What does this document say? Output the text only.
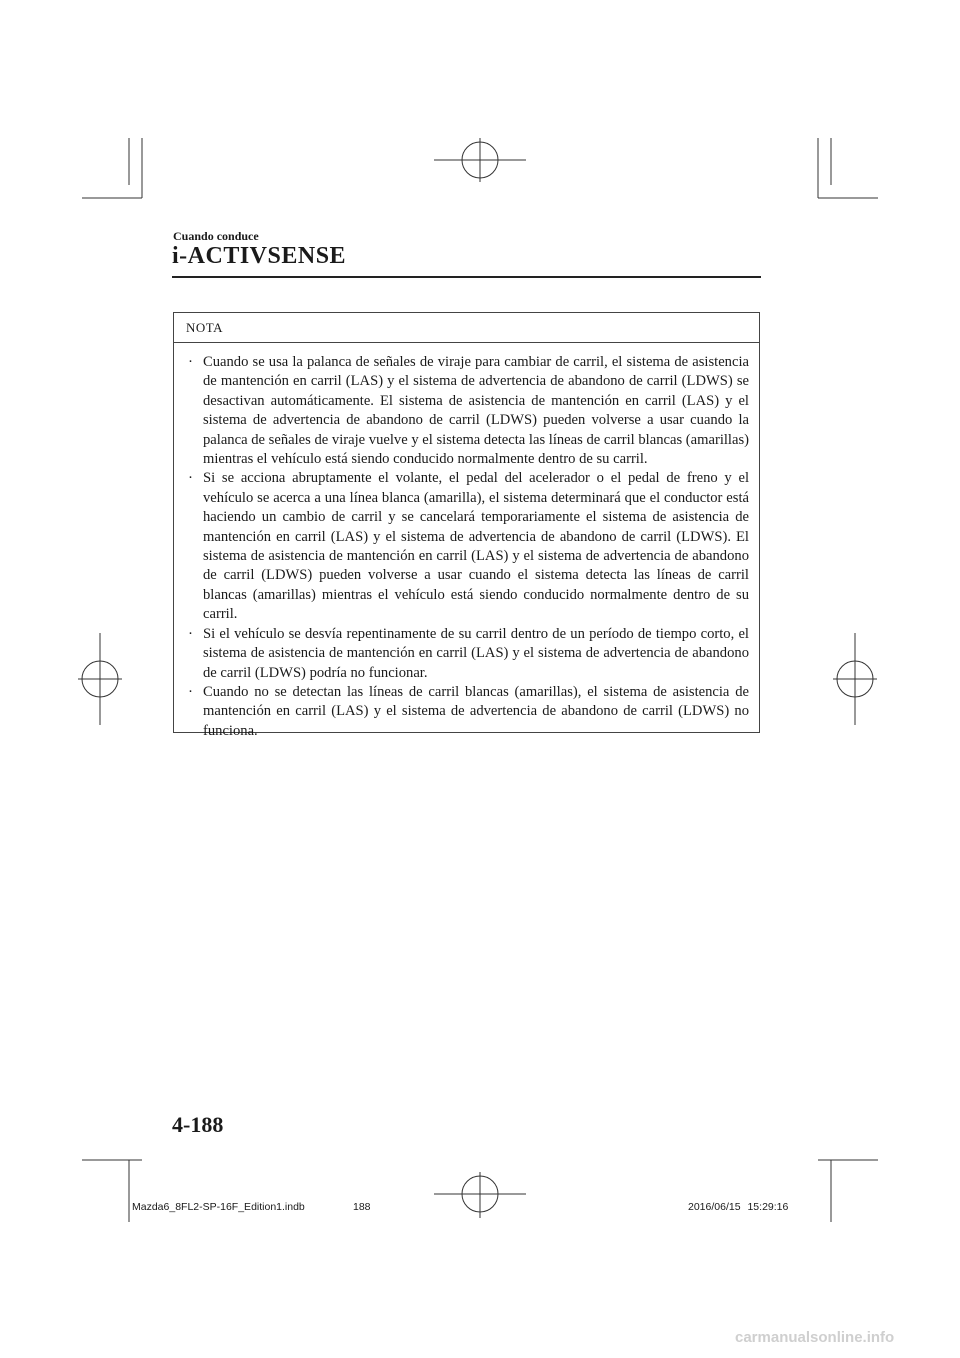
Cuando conduce
i-ACTIVSENSE
NOTA
· Cuando se usa la palanca de señales de viraje para cambiar de carril, el sistema de asistencia de mantención en carril (LAS) y el sistema de advertencia de abandono de carril (LDWS) se desactivan automáticamente. El sistema de asistencia de mantención en carril (LAS) y el sistema de advertencia de abandono de carril (LDWS) pueden volverse a usar cuando la palanca de señales de viraje vuelve y el sistema detecta las líneas de carril blancas (amarillas) mientras el vehículo está siendo conducido normalmente dentro de su carril.
· Si se acciona abruptamente el volante, el pedal del acelerador o el pedal de freno y el vehículo se acerca a una línea blanca (amarilla), el sistema determinará que el conductor está haciendo un cambio de carril y se cancelará temporariamente el sistema de asistencia de mantención en carril (LAS) y el sistema de advertencia de abandono de carril (LDWS). El sistema de asistencia de mantención en carril (LAS) y el sistema de advertencia de abandono de carril (LDWS) pueden volverse a usar cuando el sistema detecta las líneas de carril blancas (amarillas) mientras el vehículo está siendo conducido normalmente dentro de su carril.
· Si el vehículo se desvía repentinamente de su carril dentro de un período de tiempo corto, el sistema de asistencia de mantención en carril (LAS) y el sistema de advertencia de abandono de carril (LDWS) podría no funcionar.
· Cuando no se detectan las líneas de carril blancas (amarillas), el sistema de asistencia de mantención en carril (LAS) y el sistema de advertencia de abandono de carril (LDWS) no funciona.
4-188
Mazda6_8FL2-SP-16F_Edition1.indb	188	2016/06/15 15:29:16
carmanualsonline.info
